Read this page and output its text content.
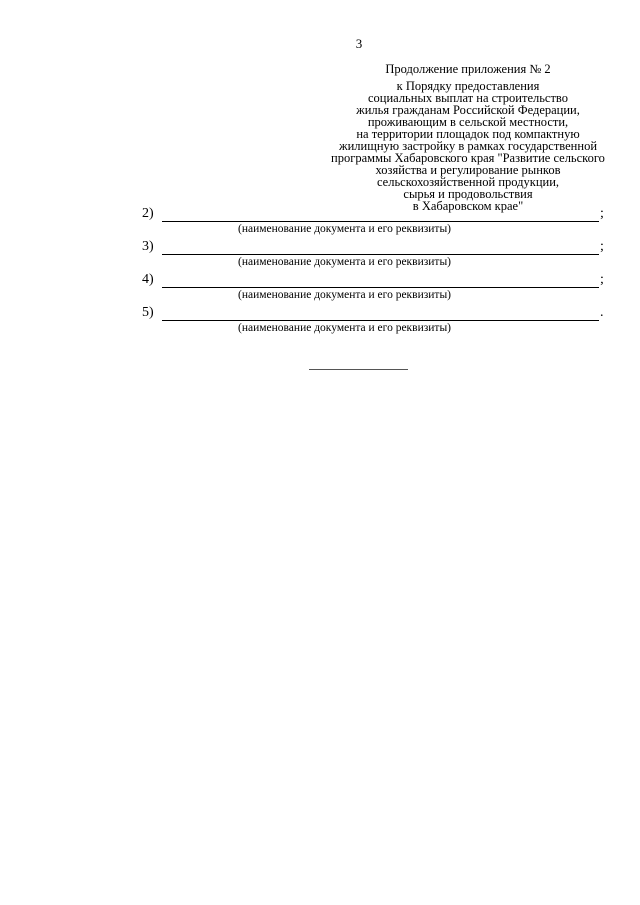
3
Продолжение приложения № 2
к Порядку предоставления
социальных выплат на строительство
жилья гражданам Российской Федерации,
проживающим в сельской местности,
на территории площадок под компактную
жилищную застройку в рамках государственной
программы Хабаровского края "Развитие сельского
хозяйства и регулирование рынков
сельскохозяйственной продукции,
сырья и продовольствия
в Хабаровском крае"
2)	;
(наименование документа и его реквизиты)
3)	;
(наименование документа и его реквизиты)
4)	;
(наименование документа и его реквизиты)
5)	.
(наименование документа и его реквизиты)
